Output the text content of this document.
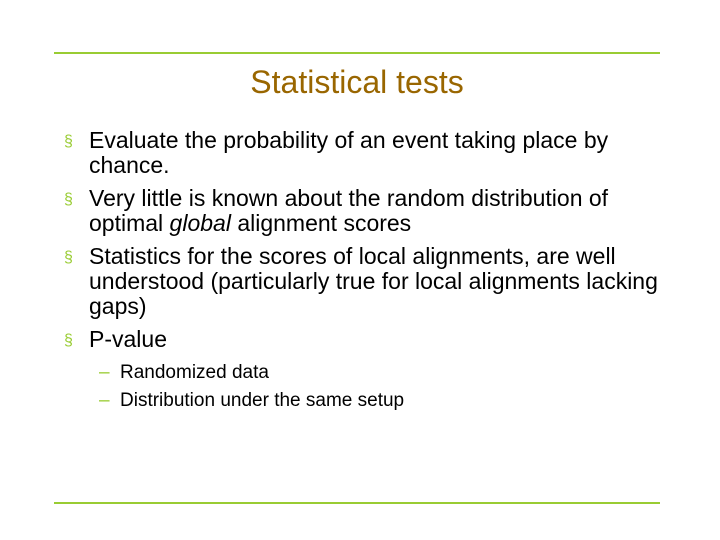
Statistical tests
§ Evaluate the probability of an event taking place by chance.
§ Very little is known about the random distribution of optimal global alignment scores
§ Statistics for the scores of local alignments, are well understood (particularly true for local alignments lacking gaps)
§ P-value
– Randomized data
– Distribution under the same setup
